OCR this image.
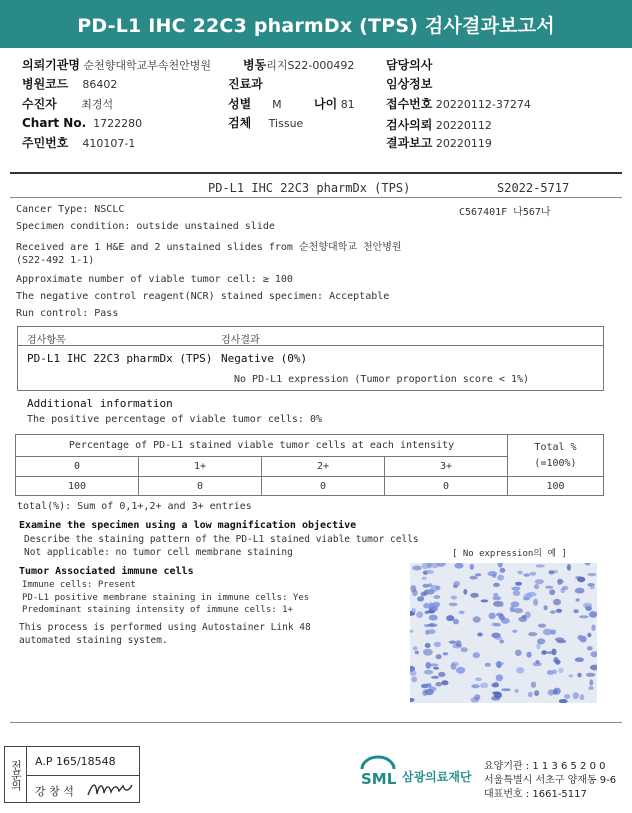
PD-L1 IHC 22C3 pharmDx (TPS) 검사결과보고서
의뢰기관명 순천향대학교부속천안병원	병동리지S22-000492	담당의사
병원코드 86402	진료과	임상정보
수진자 최경석	성별 M	나이 81	접수번호 20220112-37274
Chart No. 1722280	검체 Tissue	검사의뢰 20220112
주민번호 410107-1	결과보고 20220119
PD-L1 IHC 22C3 pharmDx (TPS)	S2022-5717
Cancer Type: NSCLC	C567401F 나567나
Specimen condition: outside unstained slide
Received are 1 H&E and 2 unstained slides from 순천향대학교 천안병원
(S22-492 1-1)
Approximate number of viable tumor cell: ≥ 100
The negative control reagent(NCR) stained specimen: Acceptable
Run control: Pass
검사항목	검사결과
PD-L1 IHC 22C3 pharmDx (TPS) Negative (0%)
No PD-L1 expression (Tumor proportion score < 1%)
Additional information
The positive percentage of viable tumor cells: 0%
Percentage of PD-L1 stained viable tumor cells at each intensity				Total %
(=100%)

0	1+	2+	3+	
100	0	0	0	100
total(%): Sum of 0,1+,2+ and 3+ entries
Examine the specimen using a low magnification objective
Describe the staining pattern of the PD-L1 stained viable tumor cells
Not applicable: no tumor cell membrane staining	[ No expression의 예 ]
Tumor Associated immune cells
Immune cells: Present
PD-L1 positive membrane staining in immune cells: Yes
Predominant staining intensity of immune cells: 1+
This process is performed using Autostainer Link 48
automated staining system.
전문의	A.P 165/18548
강 창 석
SML 삼광의료재단
요양기관 : 1 1 3 6 5 2 0 0
서울특별시 서초구 양재동 9-6
대표번호 : 1661-5117
